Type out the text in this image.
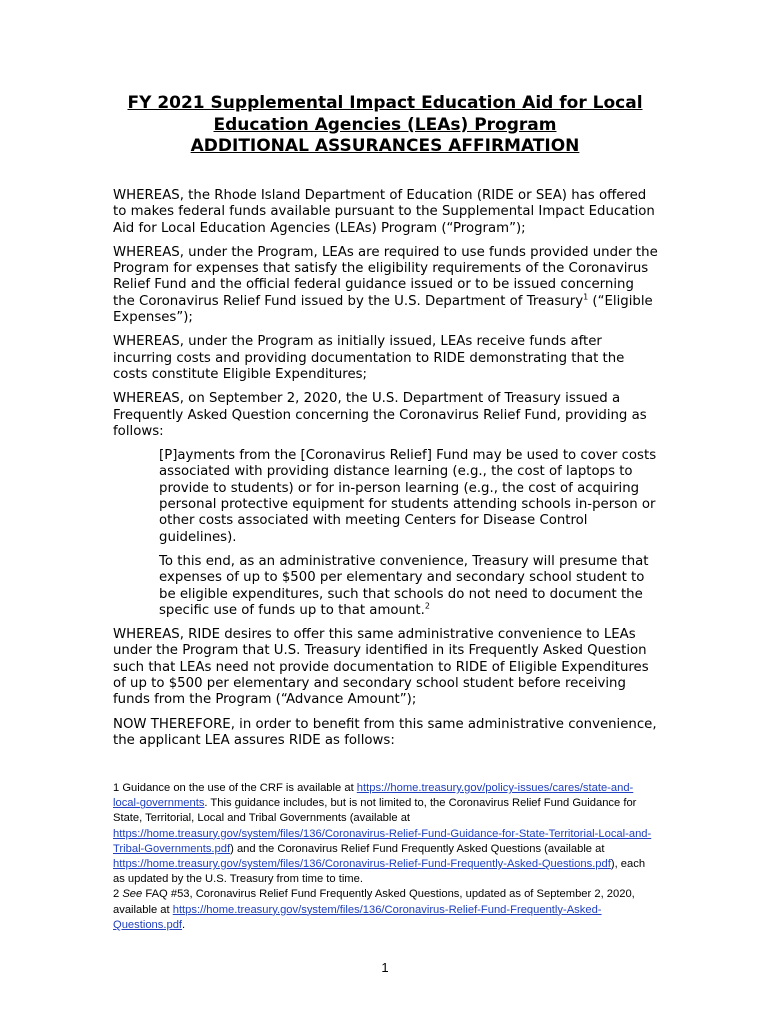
FY 2021 Supplemental Impact Education Aid for Local
Education Agencies (LEAs) Program
ADDITIONAL ASSURANCES AFFIRMATION

WHEREAS, the Rhode Island Department of Education (RIDE or SEA) has offered to makes federal funds available pursuant to the Supplemental Impact Education Aid for Local Education Agencies (LEAs) Program (“Program”);

WHEREAS, under the Program, LEAs are required to use funds provided under the Program for expenses that satisfy the eligibility requirements of the Coronavirus Relief Fund and the official federal guidance issued or to be issued concerning the Coronavirus Relief Fund issued by the U.S. Department of Treasury$^1$ (“Eligible Expenses”);

WHEREAS, under the Program as initially issued, LEAs receive funds after incurring costs and providing documentation to RIDE demonstrating that the costs constitute Eligible Expenditures;

WHEREAS, on September 2, 2020, the U.S. Department of Treasury issued a Frequently Asked Question concerning the Coronavirus Relief Fund, providing as follows:

[P]ayments from the [Coronavirus Relief] Fund may be used to cover costs associated with providing distance learning (e.g., the cost of laptops to provide to students) or for in-person learning (e.g., the cost of acquiring personal protective equipment for students attending schools in-person or other costs associated with meeting Centers for Disease Control guidelines).

To this end, as an administrative convenience, Treasury will presume that expenses of up to $500 per elementary and secondary school student to be eligible expenditures, such that schools do not need to document the specific use of funds up to that amount.$^2$

WHEREAS, RIDE desires to offer this same administrative convenience to LEAs under the Program that U.S. Treasury identified in its Frequently Asked Question such that LEAs need not provide documentation to RIDE of Eligible Expenditures of up to $500 per elementary and secondary school student before receiving funds from the Program (“Advance Amount”);

NOW THEREFORE, in order to benefit from this same administrative convenience, the applicant LEA assures RIDE as follows:

1 Guidance on the use of the CRF is available at https://home.treasury.gov/policy-issues/cares/state-and-local-governments. This guidance includes, but is not limited to, the Coronavirus Relief Fund Guidance for State, Territorial, Local and Tribal Governments (available at https://home.treasury.gov/system/files/136/Coronavirus-Relief-Fund-Guidance-for-State-Territorial-Local-and-Tribal-Governments.pdf) and the Coronavirus Relief Fund Frequently Asked Questions (available at https://home.treasury.gov/system/files/136/Coronavirus-Relief-Fund-Frequently-Asked-Questions.pdf), each as updated by the U.S. Treasury from time to time.

2 See FAQ #53, Coronavirus Relief Fund Frequently Asked Questions, updated as of September 2, 2020, available at https://home.treasury.gov/system/files/136/Coronavirus-Relief-Fund-Frequently-Asked-Questions.pdf.

1
